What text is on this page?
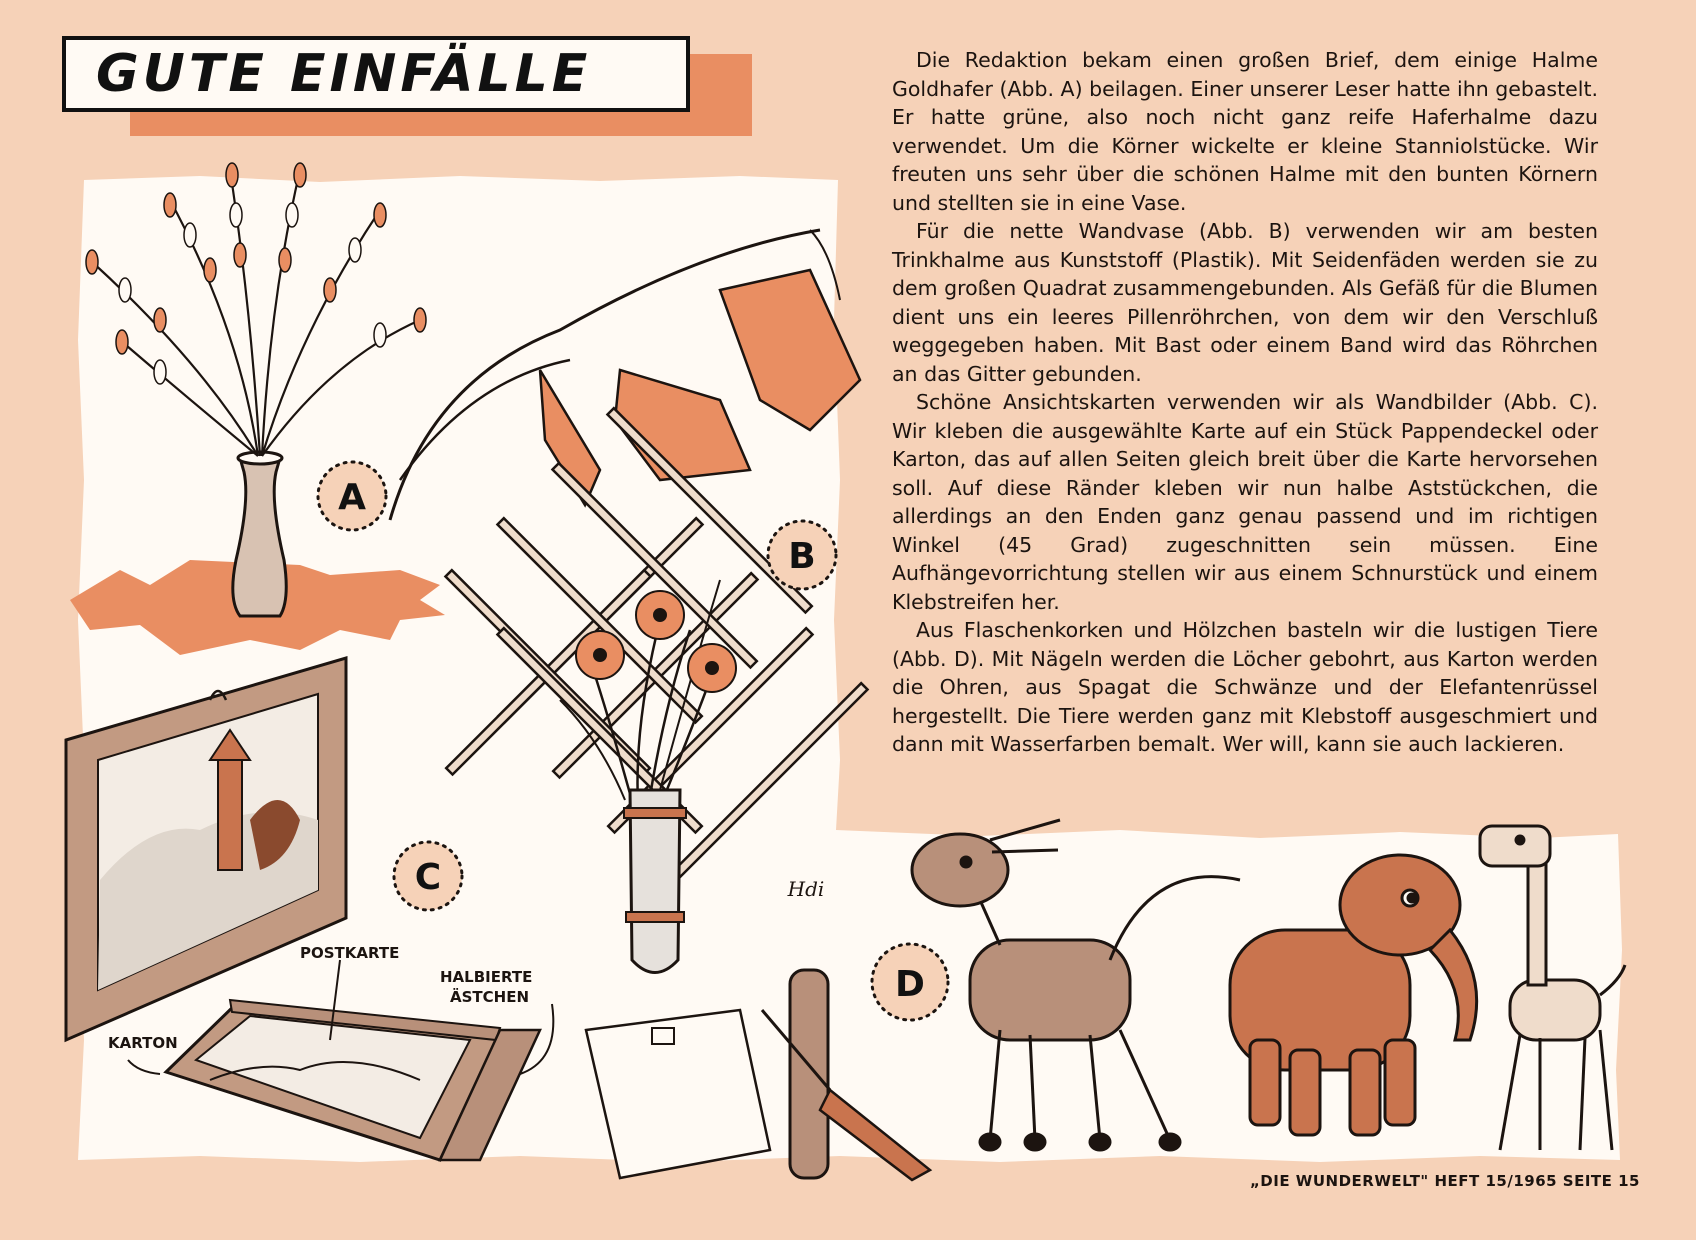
A
B
C
POSTKARTE
HALBIERTE
ÄSTCHEN
KARTON
Hdi
D
GUTE EINFÄLLE	Die Redaktion bekam einen großen Brief, dem einige Halme Goldhafer (Abb. A) beilagen. Einer unserer Leser hatte ihn gebastelt. Er hatte grüne, also noch nicht ganz reife Haferhalme dazu verwendet. Um die Körner wickelte er kleine Stanniolstücke. Wir freuten uns sehr über die schönen Halme mit den bunten Körnern und stellten sie in eine Vase.

Für die nette Wandvase (Abb. B) verwenden wir am besten Trinkhalme aus Kunststoff (Plastik). Mit Seidenfäden werden sie zu dem großen Quadrat zusammengebunden. Als Gefäß für die Blumen dient uns ein leeres Pillenröhrchen, von dem wir den Verschluß weggegeben haben. Mit Bast oder einem Band wird das Röhrchen an das Gitter gebunden.

Schöne Ansichtskarten verwenden wir als Wandbilder (Abb. C). Wir kleben die ausgewählte Karte auf ein Stück Pappendeckel oder Karton, das auf allen Seiten gleich breit über die Karte hervorsehen soll. Auf diese Ränder kleben wir nun halbe Aststückchen, die allerdings an den Enden ganz genau passend und im richtigen Winkel (45 Grad) zugeschnitten sein müssen. Eine Aufhängevorrichtung stellen wir aus einem Schnurstück und einem Klebstreifen her.

Aus Flaschenkorken und Hölzchen basteln wir die lustigen Tiere (Abb. D). Mit Nägeln werden die Löcher gebohrt, aus Karton werden die Ohren, aus Spagat die Schwänze und der Elefantenrüssel hergestellt. Die Tiere werden ganz mit Klebstoff ausgeschmiert und dann mit Wasserfarben bemalt. Wer will, kann sie auch lackieren.

„DIE WUNDERWELT" HEFT 15/1965 SEITE 15
